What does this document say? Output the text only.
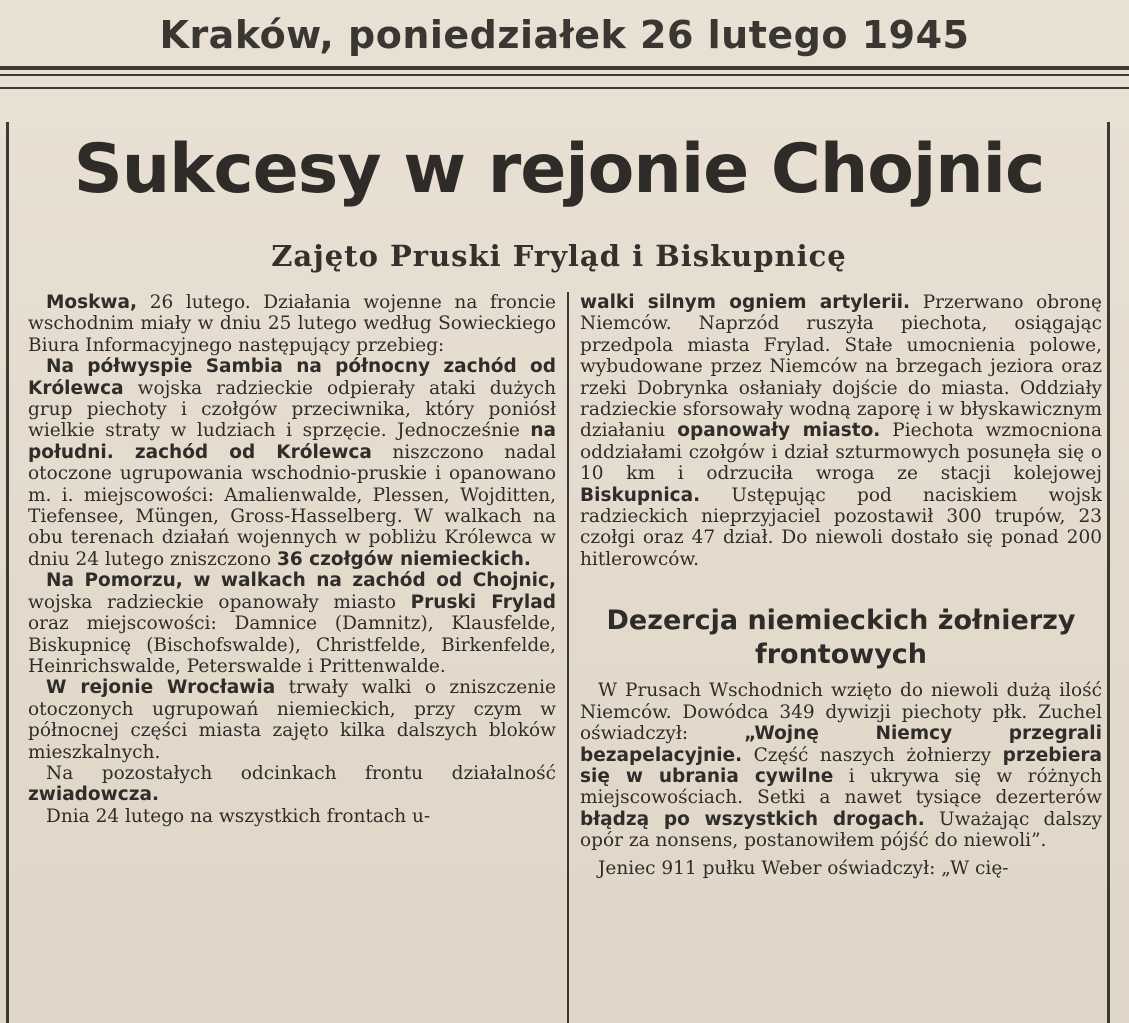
Kraków, poniedziałek 26 lutego 1945
Sukcesy w rejonie Chojnic
Zajęto Pruski Fryląd i Biskupnicę

Moskwa, 26 lutego. Działania wojenne na froncie wschodnim miały w dniu 25 lutego według Sowieckiego Biura Informacyjnego następujący przebieg:

Na półwyspie Sambia na północny zachód od Królewca wojska radzieckie odpierały ataki dużych grup piechoty i czołgów przeciwnika, który poniósł wielkie straty w ludziach i sprzęcie. Jednocześnie na południ. zachód od Królewca niszczono nadal otoczone ugrupowania wschodnio-pruskie i opanowano m. i. miejscowości: Amalienwalde, Plessen, Wojditten, Tiefensee, Müngen, Gross-Hasselberg. W walkach na obu terenach działań wojennych w pobliżu Królewca w dniu 24 lutego zniszczono 36 czołgów niemieckich.

Na Pomorzu, w walkach na zachód od Chojnic, wojska radzieckie opanowały miasto Pruski Frylad oraz miejscowości: Damnice (Damnitz), Klausfelde, Biskupnicę (Bischofswalde), Christfelde, Birkenfelde, Heinrichswalde, Peterswalde i Prittenwalde.

W rejonie Wrocławia trwały walki o zniszczenie otoczonych ugrupowań niemieckich, przy czym w północnej części miasta zajęto kilka dalszych bloków mieszkalnych.

Na pozostałych odcinkach frontu działalność zwiadowcza.

Dnia 24 lutego na wszystkich frontach u-

walki silnym ogniem artylerii. Przerwano obronę Niemców. Naprzód ruszyła piechota, osiągając przedpola miasta Frylad. Stałe umocnienia polowe, wybudowane przez Niemców na brzegach jeziora oraz rzeki Dobrynka osłaniały dojście do miasta. Oddziały radzieckie sforsowały wodną zaporę i w błyskawicznym działaniu opanowały miasto. Piechota wzmocniona oddziałami czołgów i dział szturmowych posunęła się o 10 km i odrzuciła wroga ze stacji kolejowej Biskupnica. Ustępując pod naciskiem wojsk radzieckich nieprzyjaciel pozostawił 300 trupów, 23 czołgi oraz 47 dział. Do niewoli dostało się ponad 200 hitlerowców.

Dezercja niemieckich żołnierzy frontowych

W Prusach Wschodnich wzięto do niewoli dużą ilość Niemców. Dowódca 349 dywizji piechoty płk. Zuchel oświadczył: „Wojnę Niemcy przegrali bezapelacyjnie. Część naszych żołnierzy przebiera się w ubrania cywilne i ukrywa się w różnych miejscowościach. Setki a nawet tysiące dezerterów błądzą po wszystkich drogach. Uważając dalszy opór za nonsens, postanowiłem pójść do niewoli”.

Jeniec 911 pułku Weber oświadczył: „W cię-
